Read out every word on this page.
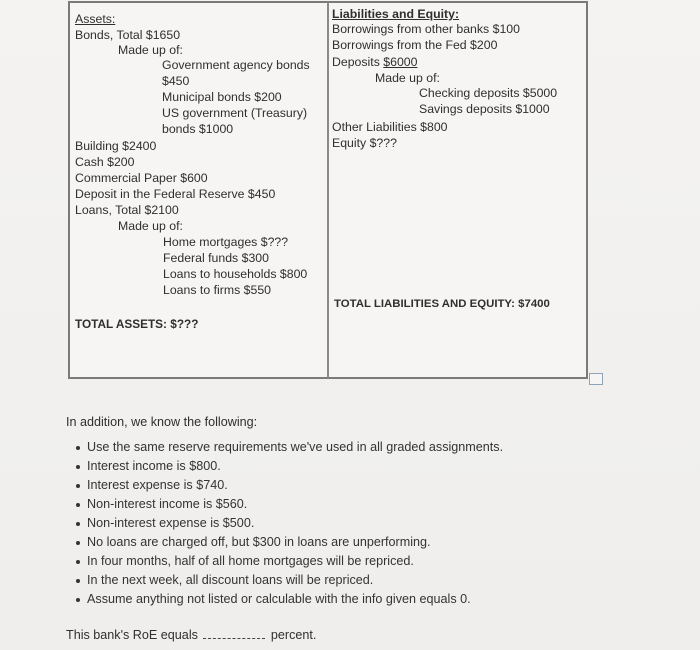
Assets:
Bonds, Total $1650
Made up of:
Government agency bonds
$450
Municipal bonds $200
US government (Treasury)
bonds $1000
Building $2400
Cash $200
Commercial Paper $600
Deposit in the Federal Reserve $450
Loans, Total $2100
Made up of:
Home mortgages $???
Federal funds $300
Loans to households $800
Loans to firms $550
TOTAL ASSETS: $???
Liabilities and Equity:
Borrowings from other banks $100
Borrowings from the Fed $200
Deposits $6000
Made up of:
Checking deposits $5000
Savings deposits $1000
Other Liabilities $800
Equity $???
TOTAL LIABILITIES AND EQUITY: $7400
In addition, we know the following:
Use the same reserve requirements we've used in all graded assignments.
Interest income is $800.
Interest expense is $740.
Non-interest income is $560.
Non-interest expense is $500.
No loans are charged off, but $300 in loans are unperforming.
In four months, half of all home mortgages will be repriced.
In the next week, all discount loans will be repriced.
Assume anything not listed or calculable with the info given equals 0.
This bank's RoE equals	percent.
